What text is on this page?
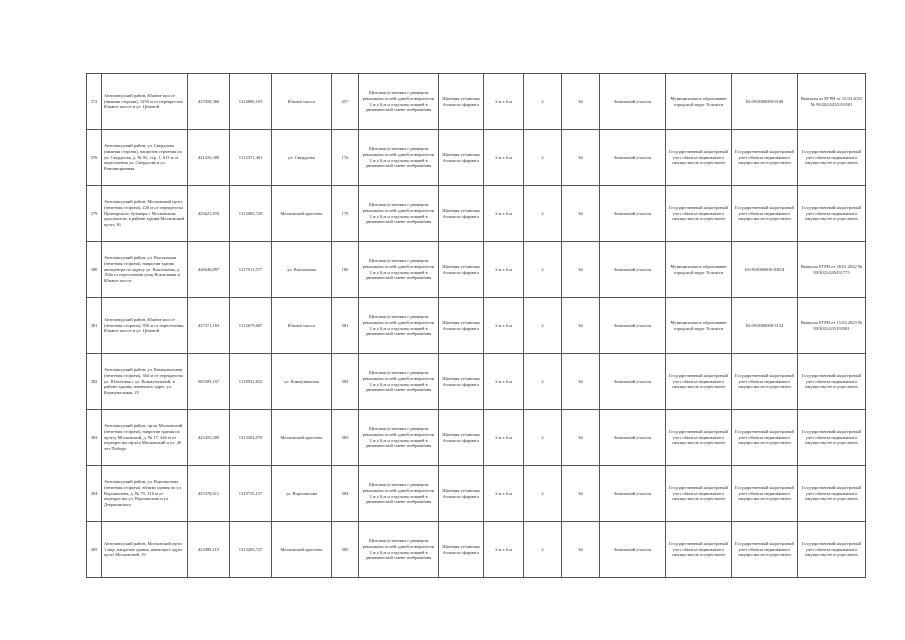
372	Автозаводский район, Южное шоссе (нижняя сторона), 1250 м от перекрестка Южное шоссе и ул. Цеховой	427058,366	1314860,165	Южное шоссе	257	Щитовая установка с размером рекламных полей одной поверхности 3 м х 6 м и отдельностоящей в динамической смене изображения	Щитовая установка большого формата	3 м х 6 м	2	36	Земельный участок	Муниципальное образование городской округ Тольятти	63:09:0000000:0168	Выписка из ЕГРН от 15.03.2023 № 99/2023/435193581
376	Автозаводский район, ул. Свердлова (нижняя сторона), напротив строения по ул. Свердлова, д. № 9б, стр. 1, 613 м от пересечения ул. Свердлова и ул. Революционная	421416,380	1315371,461	ул. Свердлова	176	Щитовая установка с размером рекламных полей одной поверхности 3 м х 6 м и отдельностоящей в динамической смене изображения	Щитовая установка большого формата	3 м х 6 м	2	36	Земельный участок	Государственный кадастровый учет объекта недвижимого имущества не осуществлен	Государственный кадастровый учет объекта недвижимого имущества не осуществлен	Государственный кадастровый учет объекта недвижимого имущества не осуществлен
379	Автозаводский район, Московский пр-кт (нечетная сторона), 226 м от перекрестка Приморского бульвара с Московским проспектом, в районе здания Московский пр-кт, 36	423621,876	1312082,729	Московский проспект	179	Щитовая установка с размером рекламных полей одной поверхности 3 м х 6 м и отдельностоящей в динамической смене изображения	Щитовая установка большого формата	3 м х 6 м	2	36	Земельный участок	Государственный кадастровый учет объекта недвижимого имущества не осуществлен	Государственный кадастровый учет объекта недвижимого имущества не осуществлен	Государственный кадастровый учет объекта недвижимого имущества не осуществлен
380	Автозаводский район, ул. Вокзальная (нечетная сторона), напротив здания автоцентра по адресу ул. Вокзальная, д. 194а от пересечения улиц Вокзальная и Южное шоссе	426646,897	1317911,577	ул. Вокзальная	180	Щитовая установка с размером рекламных полей одной поверхности 3 м х 6 м и отдельностоящей в динамической смене изображения	Щитовая установка большого формата	3 м х 6 м	2	36	Земельный участок	Муниципальное образование городской округ Тольятти	63:09:0000000:30614	Выписка ЕГРН от 28.01.2022 № 99/2022/445431775
381	Автозаводский район, Южное шоссе (нечетная сторона), 950 м от пересечения Южное шоссе и ул. Цеховой	427371,163	1312679,687	Южное шоссе	381	Щитовая установка с размером рекламных полей одной поверхности 3 м х 6 м и отдельностоящей в динамической смене изображения	Щитовая установка большого формата	3 м х 6 м	2	36	Земельный участок	Муниципальное образование городской округ Тольятти	63:09:0000000:5134	Выписка ЕГРН от 15.03.2023 № 99/2023/435193581
382	Автозаводский район, ул. Коммунальная (нечетная сторона), 364 м от перекрестка ул. Шлюзовая с ул. Коммунальной, в районе здания, имеющего адрес ул. Коммунальная, 25	385509,167	1318932,652	ул. Коммунальная	382	Щитовая установка с размером рекламных полей одной поверхности 3 м х 6 м и отдельностоящей в динамической смене изображения	Щитовая установка большого формата	3 м х 6 м	2	36	Земельный участок	Государственный кадастровый учет объекта недвижимого имущества не осуществлен	Государственный кадастровый учет объекта недвижимого имущества не осуществлен	Государственный кадастровый учет объекта недвижимого имущества не осуществлен
383	Автозаводский район, пр-кт Московский (нечетная сторона), напротив здания по пр-кту Московский, д. № 17, 446 м от перекрестка пр-кта Московский и ул. 40 лет Победы	423455,309	1313204,079	Московский проспект	383	Щитовая установка с размером рекламных полей одной поверхности 3 м х 6 м и отдельностоящей в динамической смене изображения	Щитовая установка большого формата	3 м х 6 м	2	36	Земельный участок	Государственный кадастровый учет объекта недвижимого имущества не осуществлен	Государственный кадастровый учет объекта недвижимого имущества не осуществлен	Государственный кадастровый учет объекта недвижимого имущества не осуществлен
384	Автозаводский район, ул. Ворошилова (нечетная сторона), вблизи здания по ул. Ворошилова, д. № 79, 316 м от перекрестка ул. Ворошилова и ул. Дзержинского	425378,611	1310735,157	ул. Ворошилова	384	Щитовая установка с размером рекламных полей одной поверхности 3 м х 6 м и отдельностоящей в динамической смене изображения	Щитовая установка большого формата	3 м х 6 м	2	36	Земельный участок	Государственный кадастровый учет объекта недвижимого имущества не осуществлен	Государственный кадастровый учет объекта недвижимого имущества не осуществлен	Государственный кадастровый учет объекта недвижимого имущества не осуществлен
385	Автозаводский район, Московский пр-кт 1 мкр, напротив здания, имеющего адрес пр-кт Московский, 19	423988,115	1313203,727	Московский проспект	385	Щитовая установка с размером рекламных полей одной поверхности 3 м х 6 м и отдельностоящей в динамической смене изображения	Щитовая установка большого формата	3 м х 6 м	2	36	Земельный участок	Государственный кадастровый учет объекта недвижимого имущества не осуществлен	Государственный кадастровый учет объекта недвижимого имущества не осуществлен	Государственный кадастровый учет объекта недвижимого имущества не осуществлен
